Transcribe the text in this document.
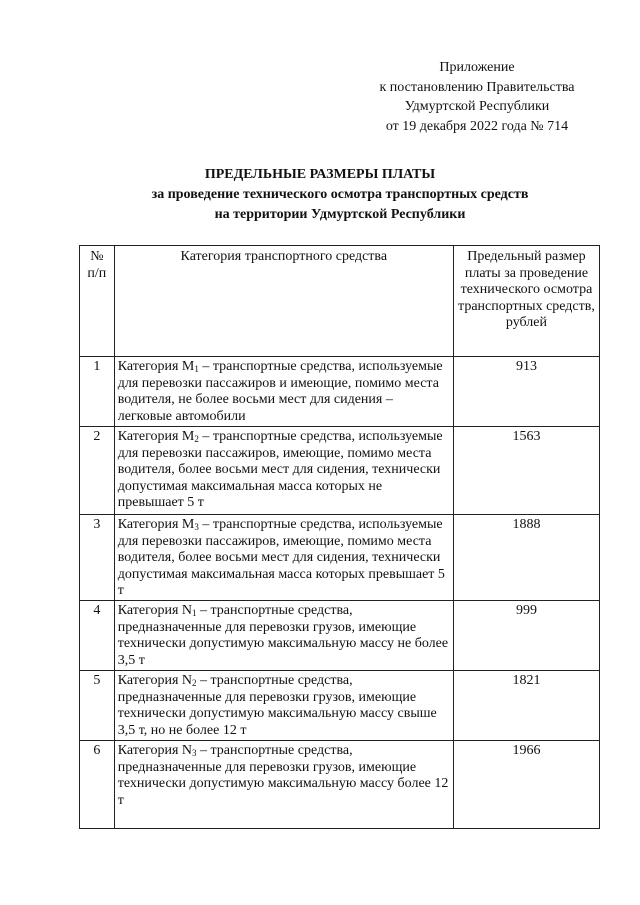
Приложение
к постановлению Правительства
Удмуртской Республики
от 19 декабря 2022 года № 714
ПРЕДЕЛЬНЫЕ РАЗМЕРЫ ПЛАТЫ
за проведение технического осмотра транспортных средств
на территории Удмуртской Республики
№ п/п	Категория транспортного средства	Предельный размер платы за проведение технического осмотра транспортных средств, рублей
1	Категория $М_1$ – транспортные средства, используемые для перевозки пассажиров и имеющие, помимо места водителя, не более восьми мест для сидения – легковые автомобили	913
2	Категория $М_2$ – транспортные средства, используемые для перевозки пассажиров, имеющие, помимо места водителя, более восьми мест для сидения, технически допустимая максимальная масса которых не превышает 5 т	1563
3	Категория $М_3$ – транспортные средства, используемые для перевозки пассажиров, имеющие, помимо места водителя, более восьми мест для сидения, технически допустимая максимальная масса которых превышает 5 т	1888
4	Категория $N_1$ – транспортные средства, предназначенные для перевозки грузов, имеющие технически допустимую максимальную массу не более 3,5 т	999
5	Категория $N_2$ – транспортные средства, предназначенные для перевозки грузов, имеющие технически допустимую максимальную массу свыше 3,5 т, но не более 12 т	1821
6	Категория $N_3$ – транспортные средства, предназначенные для перевозки грузов, имеющие технически допустимую максимальную массу более 12 т	1966
